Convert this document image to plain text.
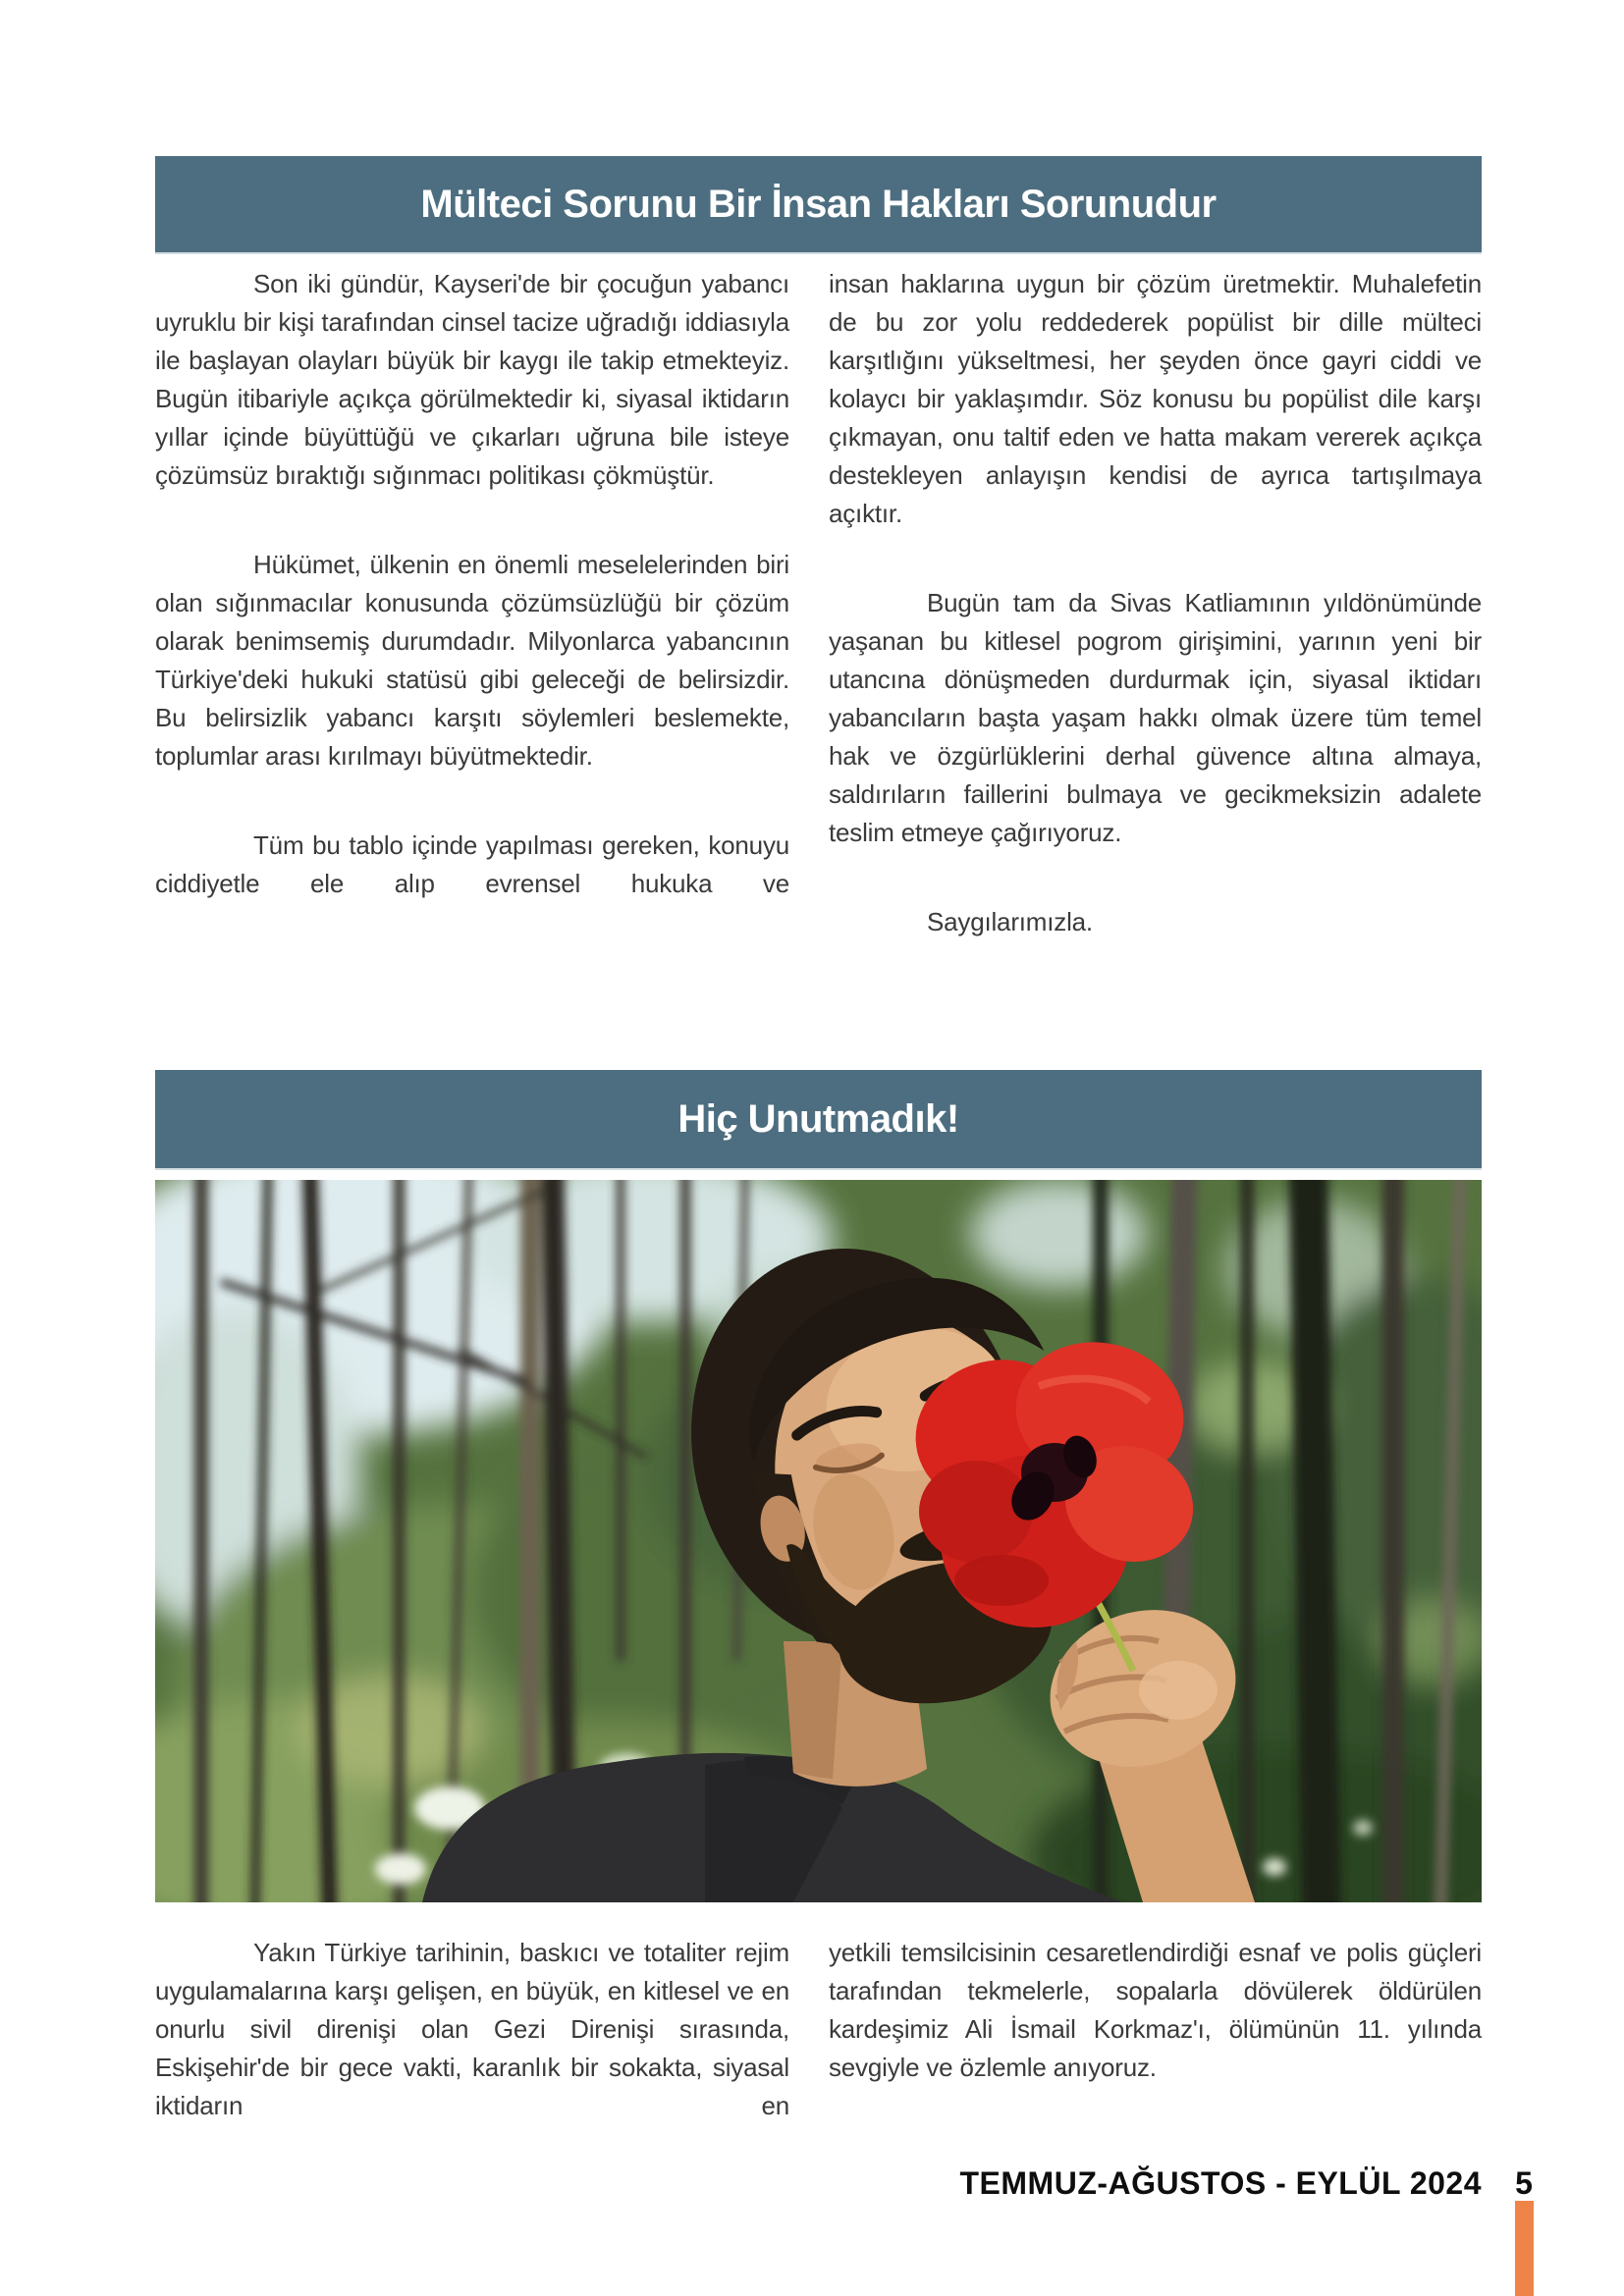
Mülteci Sorunu Bir İnsan Hakları Sorunudur

Son iki gündür, Kayseri'de bir çocuğun yabancı uyruklu bir kişi tarafından cinsel tacize uğradığı iddiasıyla ile başlayan olayları büyük bir kaygı ile takip etmekteyiz. Bugün itibariyle açıkça görülmektedir ki, siyasal iktidarın yıllar içinde büyüttüğü ve çıkarları uğruna bile isteye çözümsüz bıraktığı sığınmacı politikası çökmüştür.

Hükümet, ülkenin en önemli meselelerinden biri olan sığınmacılar konusunda çözümsüzlüğü bir çözüm olarak benimsemiş durumdadır. Milyonlarca yabancının Türkiye'deki hukuki statüsü gibi geleceği de belirsizdir. Bu belirsizlik yabancı karşıtı söylemleri beslemekte, toplumlar arası kırılmayı büyütmektedir.

Tüm bu tablo içinde yapılması gereken, konuyu ciddiyetle ele alıp evrensel hukuka ve

insan haklarına uygun bir çözüm üretmektir. Muhalefetin de bu zor yolu reddederek popülist bir dille mülteci karşıtlığını yükseltmesi, her şeyden önce gayri ciddi ve kolaycı bir yaklaşımdır. Söz konusu bu popülist dile karşı çıkmayan, onu taltif eden ve hatta makam vererek açıkça destekleyen anlayışın kendisi de ayrıca tartışılmaya açıktır.

Bugün tam da Sivas Katliamının yıldönümünde yaşanan bu kitlesel pogrom girişimini, yarının yeni bir utancına dönüşmeden durdurmak için, siyasal iktidarı yabancıların başta yaşam hakkı olmak üzere tüm temel hak ve özgürlüklerini derhal güvence altına almaya, saldırıların faillerini bulmaya ve gecikmeksizin adalete teslim etmeye çağırıyoruz.

Saygılarımızla.

Hiç Unutmadık!

Yakın Türkiye tarihinin, baskıcı ve totaliter rejim uygulamalarına karşı gelişen, en büyük, en kitlesel ve en onurlu sivil direnişi olan Gezi Direnişi sırasında, Eskişehir'de bir gece vakti, karanlık bir sokakta, siyasal iktidarın en

yetkili temsilcisinin cesaretlendirdiği esnaf ve polis güçleri tarafından tekmelerle, sopalarla dövülerek öldürülen kardeşimiz Ali İsmail Korkmaz'ı, ölümünün 11. yılında sevgiyle ve özlemle anıyoruz.

TEMMUZ-AĞUSTOS - EYLÜL 2024	5
